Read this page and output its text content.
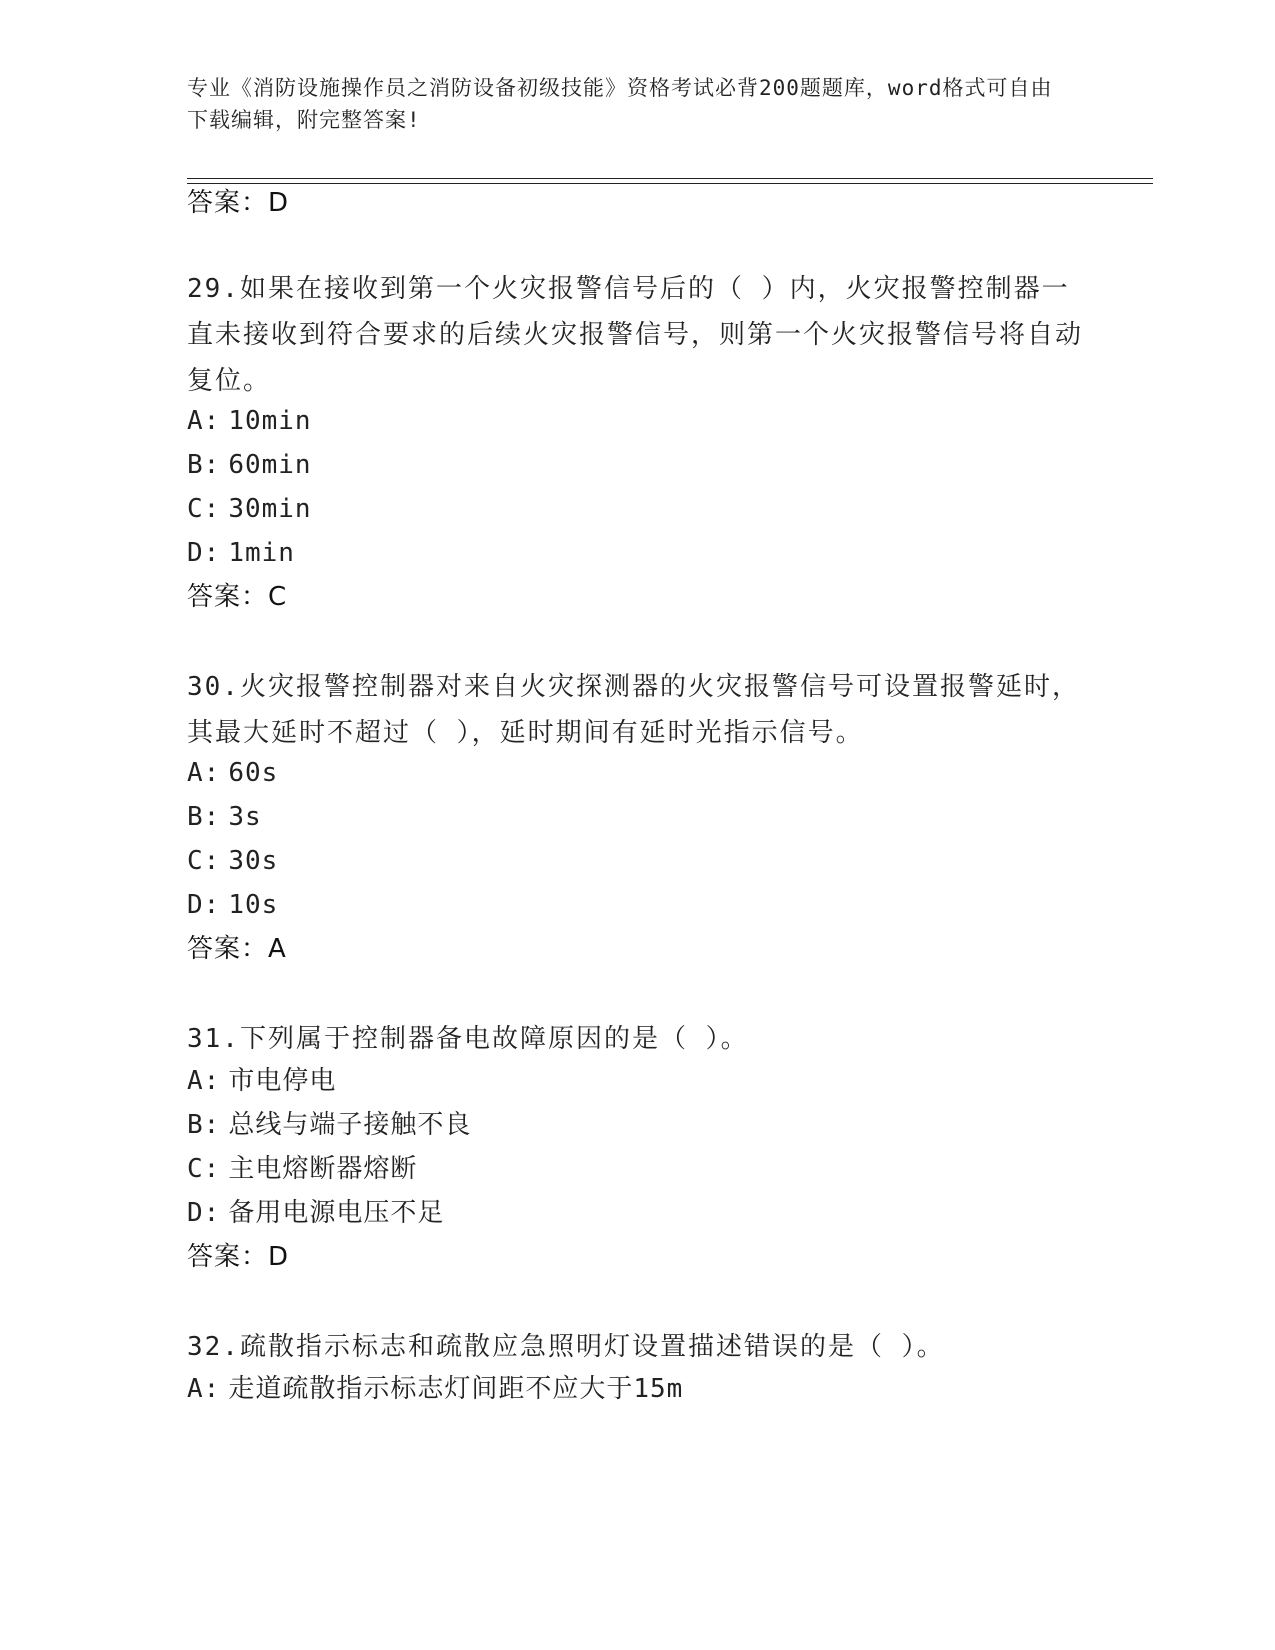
专业《消防设施操作员之消防设备初级技能》资格考试必背200题题库，word格式可自由下载编辑，附完整答案!
答案：D
29.如果在接收到第一个火灾报警信号后的（ ）内，火灾报警控制器一直未接收到符合要求的后续火灾报警信号，则第一个火灾报警信号将自动复位。
A: 10min
B: 60min
C: 30min
D: 1min
答案：C
30.火灾报警控制器对来自火灾探测器的火灾报警信号可设置报警延时，其最大延时不超过（ ），延时期间有延时光指示信号。
A: 60s
B: 3s
C: 30s
D: 10s
答案：A
31.下列属于控制器备电故障原因的是（ ）。
A: 市电停电
B: 总线与端子接触不良
C: 主电熔断器熔断
D: 备用电源电压不足
答案：D
32.疏散指示标志和疏散应急照明灯设置描述错误的是（ ）。
A: 走道疏散指示标志灯间距不应大于15m
